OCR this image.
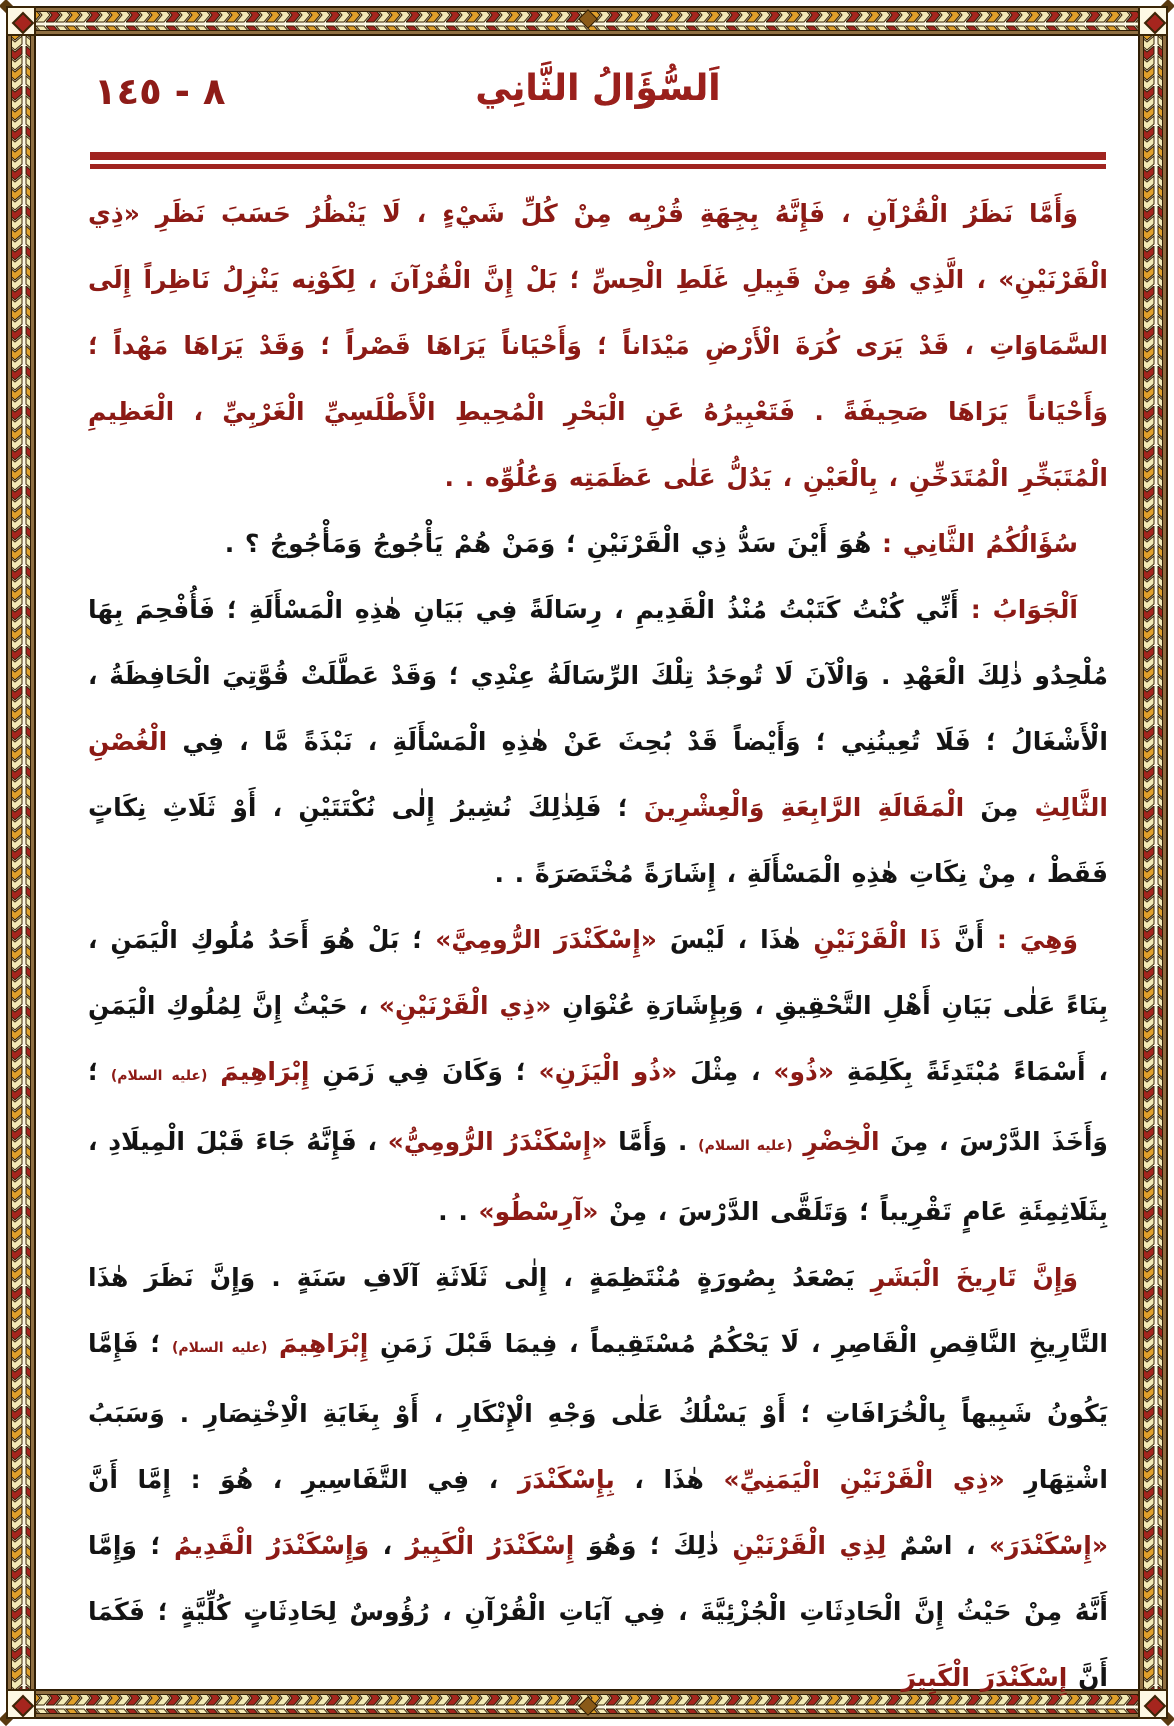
٨ - ١٤٥	اَلسُّؤَالُ الثَّانِي

وَأَمَّا نَظَرُ الْقُرْآنِ ، فَإِنَّهُ بِجِهَةِ قُرْبِه مِنْ كُلِّ شَيْءٍ ، لَا يَنْظُرُ حَسَبَ نَظَرِ «ذِي الْقَرْنَيْنِ» ، الَّذِي هُوَ مِنْ قَبِيلِ غَلَطِ الْحِسِّ ؛ بَلْ إِنَّ الْقُرْآنَ ، لِكَوْنِه يَنْزِلُ نَاظِراً إِلَى السَّمَاوَاتِ ، قَدْ يَرَى كُرَةَ الْأَرْضِ مَيْدَاناً ؛ وَأَحْيَاناً يَرَاهَا قَصْراً ؛ وَقَدْ يَرَاهَا مَهْداً ؛ وَأَحْيَاناً يَرَاهَا صَحِيفَةً . فَتَعْبِيرُهُ عَنِ الْبَحْرِ الْمُحِيطِ الْأَطْلَسِيِّ الْغَرْبِيِّ ، الْعَظِيمِ الْمُتَبَخِّرِ الْمُتَدَخِّنِ ، بِالْعَيْنِ ، يَدُلُّ عَلٰى عَظَمَتِه وَعُلُوِّه . .

سُؤَالُكُمُ الثَّانِي : هُوَ أَيْنَ سَدُّ ذِي الْقَرْنَيْنِ ؛ وَمَنْ هُمْ يَأْجُوجُ وَمَأْجُوجُ ؟ .

اَلْجَوَابُ : أَنِّي كُنْتُ كَتَبْتُ مُنْذُ الْقَدِيمِ ، رِسَالَةً فِي بَيَانِ هٰذِهِ الْمَسْأَلَةِ ؛ فَأُفْحِمَ بِهَا مُلْحِدُو ذٰلِكَ الْعَهْدِ . وَالْآنَ لَا تُوجَدُ تِلْكَ الرِّسَالَةُ عِنْدِي ؛ وَقَدْ عَطَّلَتْ قُوَّتِيَ الْحَافِظَةُ ، الْأَشْغَالُ ؛ فَلَا تُعِينُنِي ؛ وَأَيْضاً قَدْ بُحِثَ عَنْ هٰذِهِ الْمَسْأَلَةِ ، نَبْذَةً مَّا ، فِي الْغُصْنِ الثَّالِثِ مِنَ الْمَقَالَةِ الرَّابِعَةِ وَالْعِشْرِينَ ؛ فَلِذٰلِكَ نُشِيرُ إِلٰى نُكْتَتَيْنِ ، أَوْ ثَلَاثِ نِكَاتٍ فَقَطْ ، مِنْ نِكَاتِ هٰذِهِ الْمَسْأَلَةِ ، إِشَارَةً مُخْتَصَرَةً . .

وَهِيَ : أَنَّ ذَا الْقَرْنَيْنِ هٰذَا ، لَيْسَ «إِسْكَنْدَرَ الرُّومِيَّ» ؛ بَلْ هُوَ أَحَدُ مُلُوكِ الْيَمَنِ ، بِنَاءً عَلٰى بَيَانِ أَهْلِ التَّحْقِيقِ ، وَبِإِشَارَةِ عُنْوَانِ «ذِي الْقَرْنَيْنِ» ، حَيْثُ إِنَّ لِمُلُوكِ الْيَمَنِ ، أَسْمَاءً مُبْتَدِئَةً بِكَلِمَةِ «ذُو» ، مِثْلَ «ذُو الْيَزَنِ» ؛ وَكَانَ فِي زَمَنِ إِبْرَاهِيمَ (عليه السلام) ؛ وَأَخَذَ الدَّرْسَ ، مِنَ الْخِضْرِ (عليه السلام) . وَأَمَّا «إِسْكَنْدَرُ الرُّومِيُّ» ، فَإِنَّهُ جَاءَ قَبْلَ الْمِيلَادِ ، بِثَلَاثِمِئَةِ عَامٍ تَقْرِيباً ؛ وَتَلَقَّى الدَّرْسَ ، مِنْ «آرِسْطُو» . .

وَإِنَّ تَارِيخَ الْبَشَرِ يَصْعَدُ بِصُورَةٍ مُنْتَظِمَةٍ ، إِلٰى ثَلَاثَةِ آلَافِ سَنَةٍ . وَإِنَّ نَظَرَ هٰذَا التَّارِيخِ النَّاقِصِ الْقَاصِرِ ، لَا يَحْكُمُ مُسْتَقِيماً ، فِيمَا قَبْلَ زَمَنِ إِبْرَاهِيمَ (عليه السلام) ؛ فَإِمَّا يَكُونُ شَبِيهاً بِالْخُرَافَاتِ ؛ أَوْ يَسْلُكُ عَلٰى وَجْهِ الْإِنْكَارِ ، أَوْ بِغَايَةِ الْاِخْتِصَارِ . وَسَبَبُ اشْتِهَارِ «ذِي الْقَرْنَيْنِ الْيَمَنِيِّ» هٰذَا ، بِإِسْكَنْدَرَ ، فِي التَّفَاسِيرِ ، هُوَ : إِمَّا أَنَّ «إِسْكَنْدَرَ» ، اسْمٌ لِذِي الْقَرْنَيْنِ ذٰلِكَ ؛ وَهُوَ إِسْكَنْدَرُ الْكَبِيرُ ، وَإِسْكَنْدَرُ الْقَدِيمُ ؛ وَإِمَّا أَنَّهُ مِنْ حَيْثُ إِنَّ الْحَادِثَاتِ الْجُزْئِيَّةَ ، فِي آيَاتِ الْقُرْآنِ ، رُؤُوسٌ لِحَادِثَاتٍ كُلِّيَّةٍ ؛ فَكَمَا أَنَّ إِسْكَنْدَرَ الْكَبِيرَ
